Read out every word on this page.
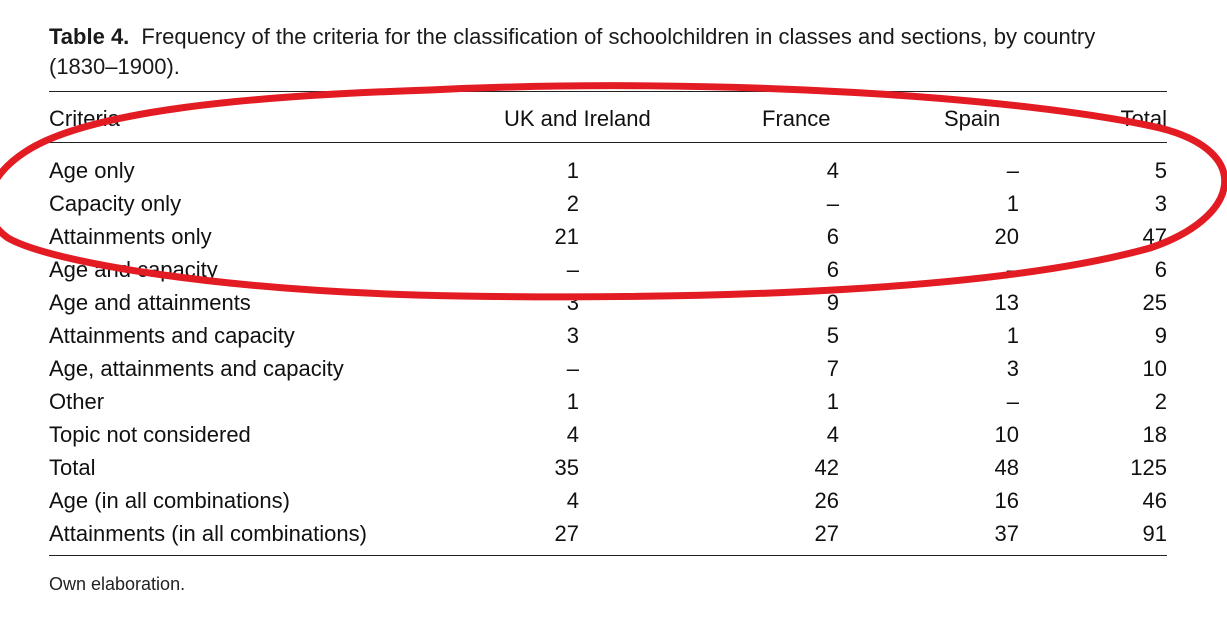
Table 4. Frequency of the criteria for the classification of schoolchildren in classes and sections, by country (1830–1900).
Criteria	UK and Ireland	France	Spain	Total
Age only	1	4	–	5
Capacity only	2	–	1	3
Attainments only	21	6	20	47
Age and capacity	–	6	–	6
Age and attainments	3	9	13	25
Attainments and capacity	3	5	1	9
Age, attainments and capacity	–	7	3	10
Other	1	1	–	2
Topic not considered	4	4	10	18
Total	35	42	48	125
Age (in all combinations)	4	26	16	46
Attainments (in all combinations)	27	27	37	91
Own elaboration.
